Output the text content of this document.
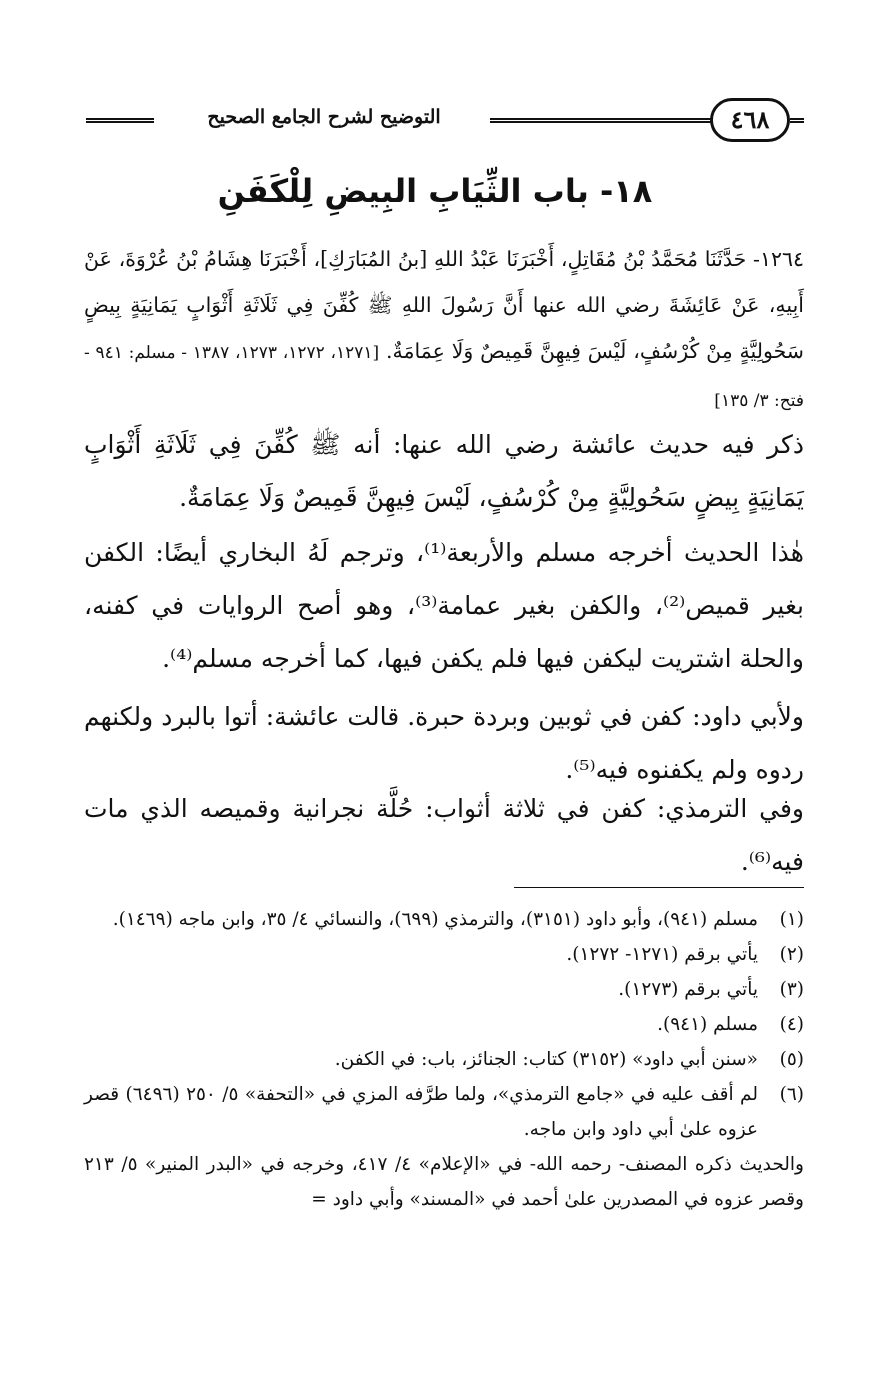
٤٦٨
التوضيح لشرح الجامع الصحيح
١٨- باب الثِّيَابِ البِيضِ لِلْكَفَنِ
١٢٦٤- حَدَّثَنَا مُحَمَّدُ بْنُ مُقَاتِلٍ، أَخْبَرَنَا عَبْدُ اللهِ [بنُ المُبَارَكِ]، أَخْبَرَنَا هِشَامُ بْنُ عُرْوَةَ، عَنْ أَبِيهِ، عَنْ عَائِشَةَ رضي الله عنها أَنَّ رَسُولَ اللهِ ﷺ كُفِّنَ فِي ثَلَاثَةِ أَثْوَابٍ يَمَانِيَةٍ بِيضٍ سَحُولِيَّةٍ مِنْ كُرْسُفٍ، لَيْسَ فِيهِنَّ قَمِيصٌ وَلَا عِمَامَةٌ. [١٢٧١، ١٢٧٢، ١٢٧٣، ١٣٨٧ - مسلم: ٩٤١ - فتح: ٣/ ١٣٥]
ذكر فيه حديث عائشة رضي الله عنها: أنه ﷺ كُفِّنَ فِي ثَلَاثَةِ أَثْوَابٍ يَمَانِيَةٍ بِيضٍ سَحُولِيَّةٍ مِنْ كُرْسُفٍ، لَيْسَ فِيهِنَّ قَمِيصٌ وَلَا عِمَامَةٌ.
هٰذا الحديث أخرجه مسلم والأربعة⁽¹⁾، وترجم لَهُ البخاري أيضًا: الكفن بغير قميص⁽²⁾، والكفن بغير عمامة⁽³⁾، وهو أصح الروايات في كفنه، والحلة اشتريت ليكفن فيها فلم يكفن فيها، كما أخرجه مسلم⁽⁴⁾.
ولأبي داود: كفن في ثوبين وبردة حبرة. قالت عائشة: أتوا بالبرد ولكنهم ردوه ولم يكفنوه فيه⁽⁵⁾.
وفي الترمذي: كفن في ثلاثة أثواب: حُلَّة نجرانية وقميصه الذي مات فيه⁽⁶⁾.
(١)
مسلم (٩٤١)، وأبو داود (٣١٥١)، والترمذي (٦٩٩)، والنسائي ٤/ ٣٥، وابن ماجه (١٤٦٩).
(٢)
يأتي برقم (١٢٧١- ١٢٧٢).
(٣)
يأتي برقم (١٢٧٣).
(٤)
مسلم (٩٤١).
(٥)
«سنن أبي داود» (٣١٥٢) كتاب: الجنائز، باب: في الكفن.
(٦)
لم أقف عليه في «جامع الترمذي»، ولما طرَّفه المزي في «التحفة» ٥/ ٢٥٠ (٦٤٩٦) قصر عزوه علىٰ أبي داود وابن ماجه.
والحديث ذكره المصنف- رحمه الله- في «الإعلام» ٤/ ٤١٧، وخرجه في «البدر المنير» ٥/ ٢١٣ وقصر عزوه في المصدرين علىٰ أحمد في «المسند» وأبي داود =
